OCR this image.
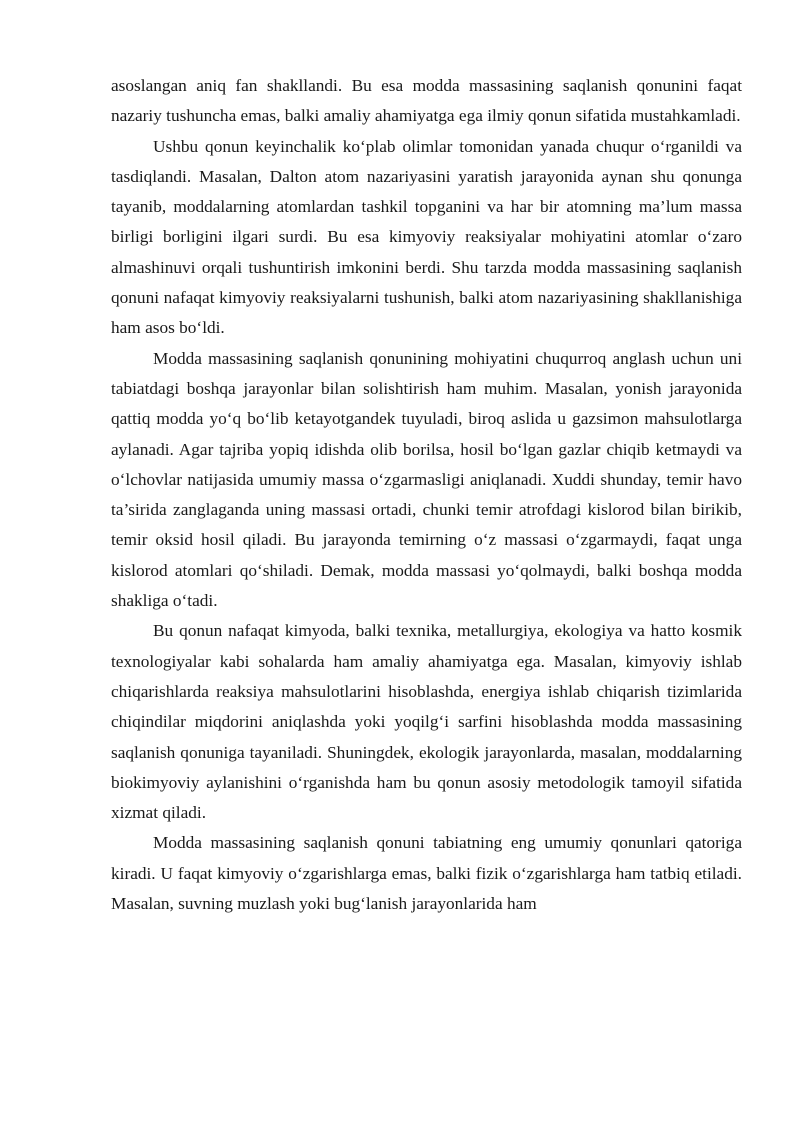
asoslangan aniq fan shakllandi. Bu esa modda massasining saqlanish qonunini faqat nazariy tushuncha emas, balki amaliy ahamiyatga ega ilmiy qonun sifatida mustahkamladi.

Ushbu qonun keyinchalik ko‘plab olimlar tomonidan yanada chuqur o‘rganildi va tasdiqlandi. Masalan, Dalton atom nazariyasini yaratish jarayonida aynan shu qonunga tayanib, moddalarning atomlardan tashkil topganini va har bir atomning ma’lum massa birligi borligini ilgari surdi. Bu esa kimyoviy reaksiyalar mohiyatini atomlar o‘zaro almashinuvi orqali tushuntirish imkonini berdi. Shu tarzda modda massasining saqlanish qonuni nafaqat kimyoviy reaksiyalarni tushunish, balki atom nazariyasining shakllanishiga ham asos bo‘ldi.

Modda massasining saqlanish qonunining mohiyatini chuqurroq anglash uchun uni tabiatdagi boshqa jarayonlar bilan solishtirish ham muhim. Masalan, yonish jarayonida qattiq modda yo‘q bo‘lib ketayotgandek tuyuladi, biroq aslida u gazsimon mahsulotlarga aylanadi. Agar tajriba yopiq idishda olib borilsa, hosil bo‘lgan gazlar chiqib ketmaydi va o‘lchovlar natijasida umumiy massa o‘zgarmasligi aniqlanadi. Xuddi shunday, temir havo ta’sirida zanglaganda uning massasi ortadi, chunki temir atrofdagi kislorod bilan birikib, temir oksid hosil qiladi. Bu jarayonda temirning o‘z massasi o‘zgarmaydi, faqat unga kislorod atomlari qo‘shiladi. Demak, modda massasi yo‘qolmaydi, balki boshqa modda shakliga o‘tadi.

Bu qonun nafaqat kimyoda, balki texnika, metallurgiya, ekologiya va hatto kosmik texnologiyalar kabi sohalarda ham amaliy ahamiyatga ega. Masalan, kimyoviy ishlab chiqarishlarda reaksiya mahsulotlarini hisoblashda, energiya ishlab chiqarish tizimlarida chiqindilar miqdorini aniqlashda yoki yoqilg‘i sarfini hisoblashda modda massasining saqlanish qonuniga tayaniladi. Shuningdek, ekologik jarayonlarda, masalan, moddalarning biokimyoviy aylanishini o‘rganishda ham bu qonun asosiy metodologik tamoyil sifatida xizmat qiladi.

Modda massasining saqlanish qonuni tabiatning eng umumiy qonunlari qatoriga kiradi. U faqat kimyoviy o‘zgarishlarga emas, balki fizik o‘zgarishlarga ham tatbiq etiladi. Masalan, suvning muzlash yoki bug‘lanish jarayonlarida ham
